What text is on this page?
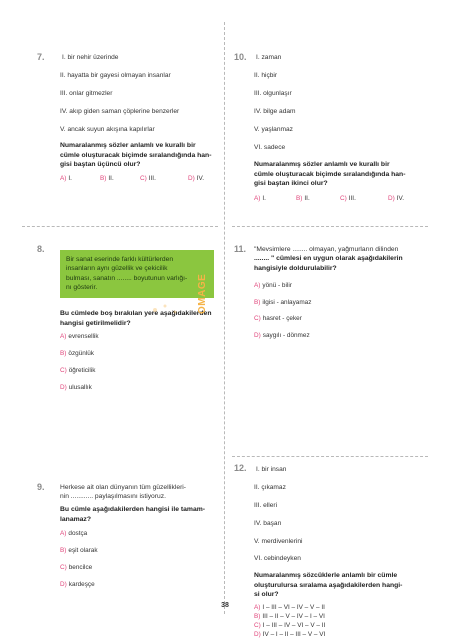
7.	I. bir nehir üzerinde
II. hayatta bir gayesi olmayan insanlar
III. onlar gitmezler
IV. akıp giden saman çöplerine benzerler
V. ancak suyun akışına kapılırlar
Numaralanmış sözler anlamlı ve kurallı bir
cümle oluşturacak biçimde sıralandığında han-
gisi baştan üçüncü olur?
A) I.	B) II.	C) III.	D) IV.
10. I. zaman
II. hiçbir
III. olgunlaşır
IV. bilge adam
V. yaşlanmaz
VI. sadece
Numaralanmış sözler anlamlı ve kurallı bir
cümle oluşturacak biçimde sıralandığında han-
gisi baştan ikinci olur?
A) I.	B) II.	C) III.	D) IV.
8.
Bir sanat eserinde farklı kültürlerden
insanların aynı güzellik ve çekicilik
bulması, sanatın ........ boyutunun varlığı-
nı gösterir.
Bu cümlede boş bırakılan yere aşağıdakilerden
hangisi getirilmelidir?
A) evrensellik
B) özgünlük
C) öğreticilik
D) ulusallık
OMAGE
11. "Mevsimlere ........ olmayan, yağmurların dilinden
........ " cümlesi en uygun olarak aşağıdakilerin
hangisiyle doldurulabilir?
A) yönü - bilir
B) ilgisi - anlayamaz
C) hasret - çeker
D) saygılı - dönmez
12. I. bir insan
II. çıkamaz
III. elleri
IV. başarı
V. merdivenlerini
VI. cebindeyken
Numaralanmış sözcüklerle anlamlı bir cümle
oluşturulursa sıralama aşağıdakilerden hangi-
si olur?
A) I – III – VI – IV – V – II
B) III – II – V – IV – I – VI
C) I – III – IV – VI – V – II
D) IV – I – II – III – V – VI
9. Herkese ait olan dünyanın tüm güzellikleri-
nin ............ paylaşılmasını istiyoruz.
Bu cümle aşağıdakilerden hangisi ile tamam-
lanamaz?
A) dostça
B) eşit olarak
C) bencilce
D) kardeşçe
38
